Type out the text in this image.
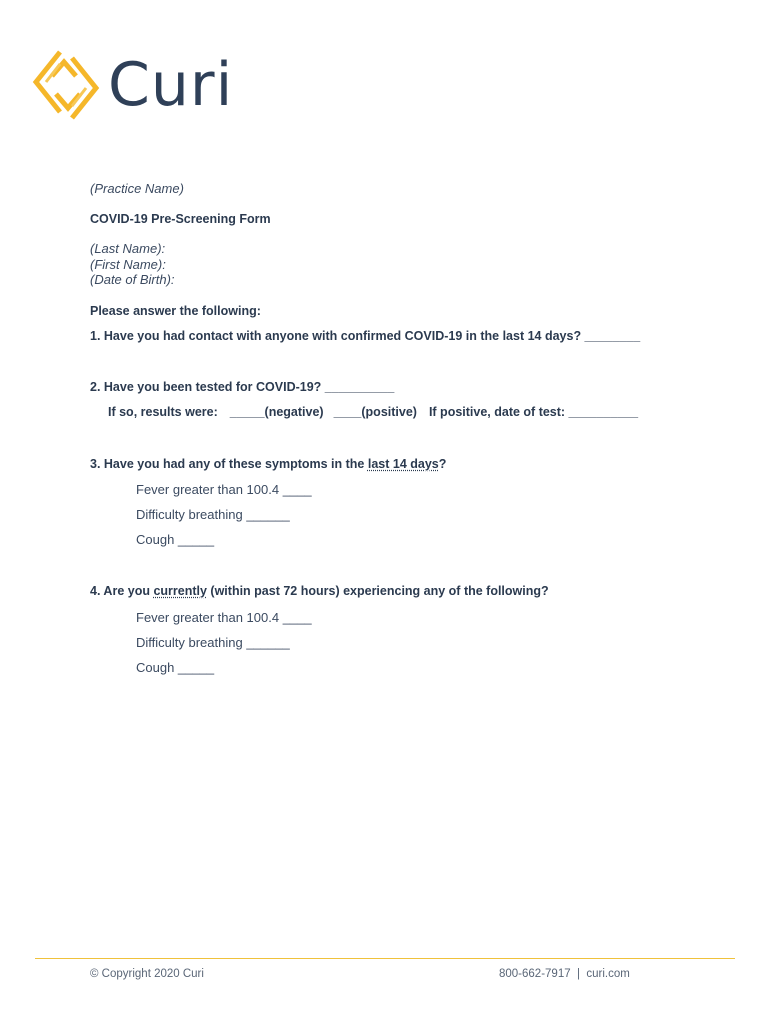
Curi
(Practice Name)
COVID-19 Pre-Screening Form
(Last Name):
(First Name):
(Date of Birth):
Please answer the following:
1. Have you had contact with anyone with confirmed COVID-19 in the last 14 days? ________
2. Have you been tested for COVID-19? __________
If so, results were: _____(negative) ____(positive) If positive, date of test: __________
3. Have you had any of these symptoms in the last 14 days?
Fever greater than 100.4 ____
Difficulty breathing ______
Cough _____
4. Are you currently (within past 72 hours) experiencing any of the following?
Fever greater than 100.4 ____
Difficulty breathing ______
Cough _____
© Copyright 2020 Curi	800-662-7917 | curi.com
